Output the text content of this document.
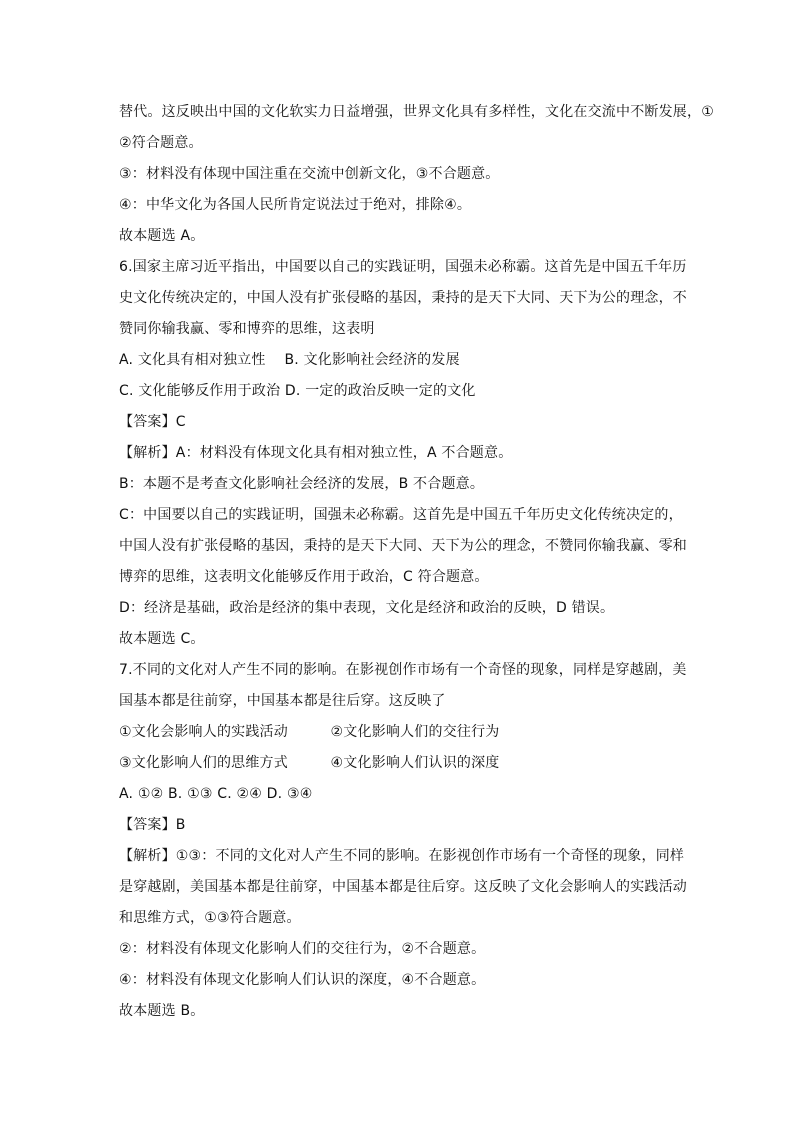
替代。这反映出中国的文化软实力日益增强，世界文化具有多样性，文化在交流中不断发展，①
②符合题意。
③：材料没有体现中国注重在交流中创新文化，③不合题意。
④：中华文化为各国人民所肯定说法过于绝对，排除④。
故本题选 A。
6.国家主席习近平指出，中国要以自己的实践证明，国强未必称霸。这首先是中国五千年历
史文化传统决定的，中国人没有扩张侵略的基因，秉持的是天下大同、天下为公的理念，不
赞同你输我赢、零和博弈的思维，这表明
A. 文化具有相对独立性　 B. 文化影响社会经济的发展
C. 文化能够反作用于政治 D. 一定的政治反映一定的文化
【答案】C
【解析】A：材料没有体现文化具有相对独立性，A 不合题意。
B：本题不是考查文化影响社会经济的发展，B 不合题意。
C：中国要以自己的实践证明，国强未必称霸。这首先是中国五千年历史文化传统决定的，
中国人没有扩张侵略的基因，秉持的是天下大同、天下为公的理念，不赞同你输我赢、零和
博弈的思维，这表明文化能够反作用于政治，C 符合题意。
D：经济是基础，政治是经济的集中表现，文化是经济和政治的反映，D 错误。
故本题选 C。
7.不同的文化对人产生不同的影响。在影视创作市场有一个奇怪的现象，同样是穿越剧，美
国基本都是往前穿，中国基本都是往后穿。这反映了
①文化会影响人的实践活动　　　②文化影响人们的交往行为
③文化影响人们的思维方式　　　④文化影响人们认识的深度
A. ①② B. ①③ C. ②④ D. ③④
【答案】B
【解析】①③：不同的文化对人产生不同的影响。在影视创作市场有一个奇怪的现象，同样
是穿越剧，美国基本都是往前穿，中国基本都是往后穿。这反映了文化会影响人的实践活动
和思维方式，①③符合题意。
②：材料没有体现文化影响人们的交往行为，②不合题意。
④：材料没有体现文化影响人们认识的深度，④不合题意。
故本题选 B。
